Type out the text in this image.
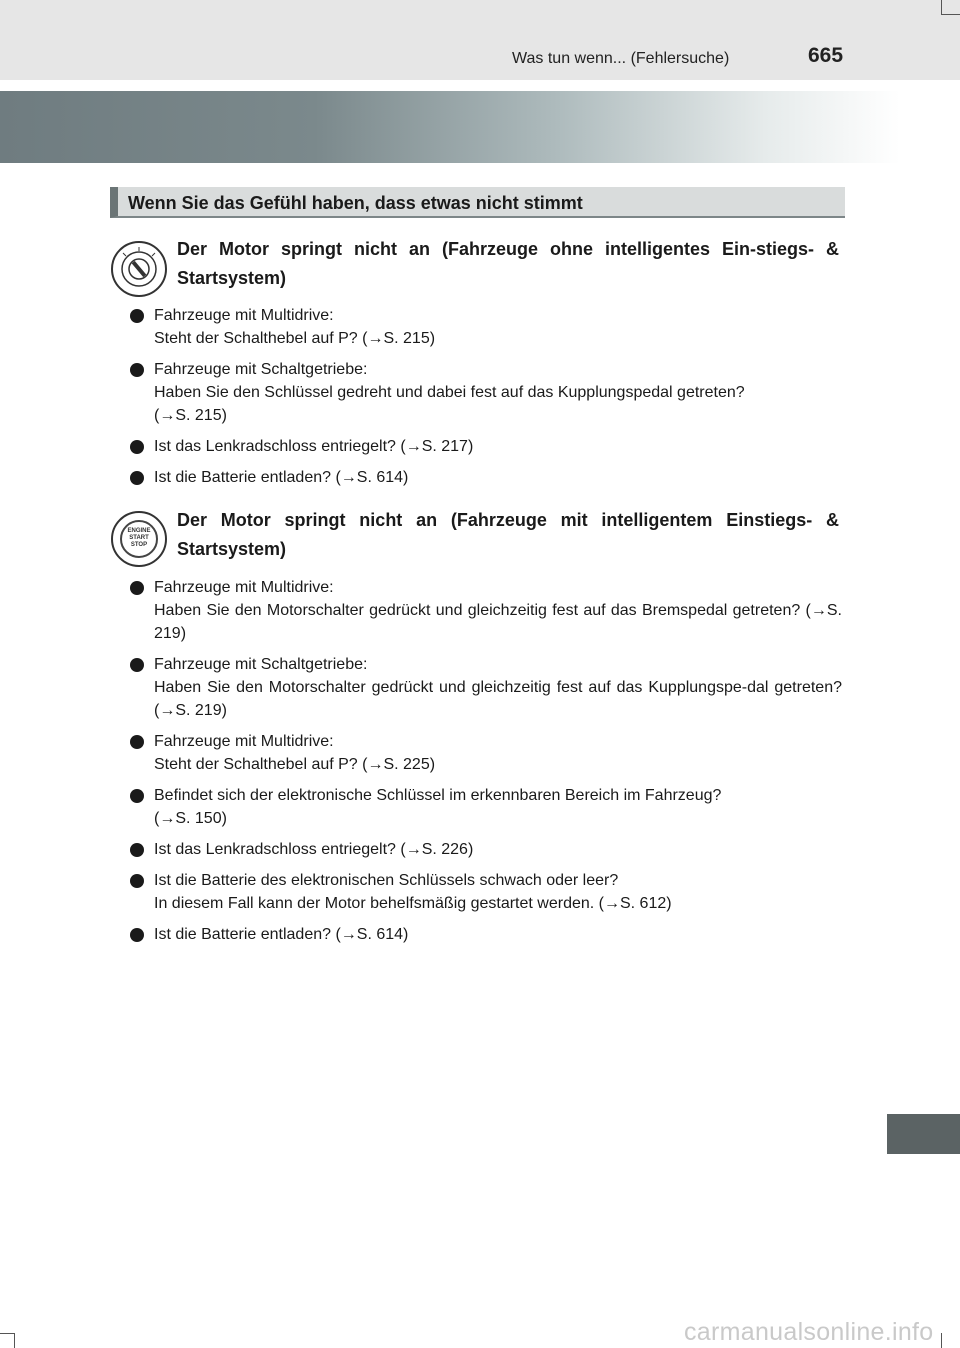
Was tun wenn... (Fehlersuche)	665
Wenn Sie das Gefühl haben, dass etwas nicht stimmt

Der Motor springt nicht an (Fahrzeuge ohne intelligentes Ein-stiegs- & Startsystem)

Fahrzeuge mit Multidrive:
Steht der Schalthebel auf P? (→S. 215)
Fahrzeuge mit Schaltgetriebe:
Haben Sie den Schlüssel gedreht und dabei fest auf das Kupplungspedal getreten?
(→S. 215)
Ist das Lenkradschloss entriegelt? (→S. 217)
Ist die Batterie entladen? (→S. 614)
ENGINE
START
STOP

Der Motor springt nicht an (Fahrzeuge mit intelligentem Einstiegs- & Startsystem)

Fahrzeuge mit Multidrive:
Haben Sie den Motorschalter gedrückt und gleichzeitig fest auf das Bremspedal getreten? (→S. 219)
Fahrzeuge mit Schaltgetriebe:
Haben Sie den Motorschalter gedrückt und gleichzeitig fest auf das Kupplungspe-dal getreten? (→S. 219)
Fahrzeuge mit Multidrive:
Steht der Schalthebel auf P? (→S. 225)
Befindet sich der elektronische Schlüssel im erkennbaren Bereich im Fahrzeug?
(→S. 150)
Ist das Lenkradschloss entriegelt? (→S. 226)
Ist die Batterie des elektronischen Schlüssels schwach oder leer?
In diesem Fall kann der Motor behelfsmäßig gestartet werden. (→S. 612)
Ist die Batterie entladen? (→S. 614)
carmanualsonline.info
